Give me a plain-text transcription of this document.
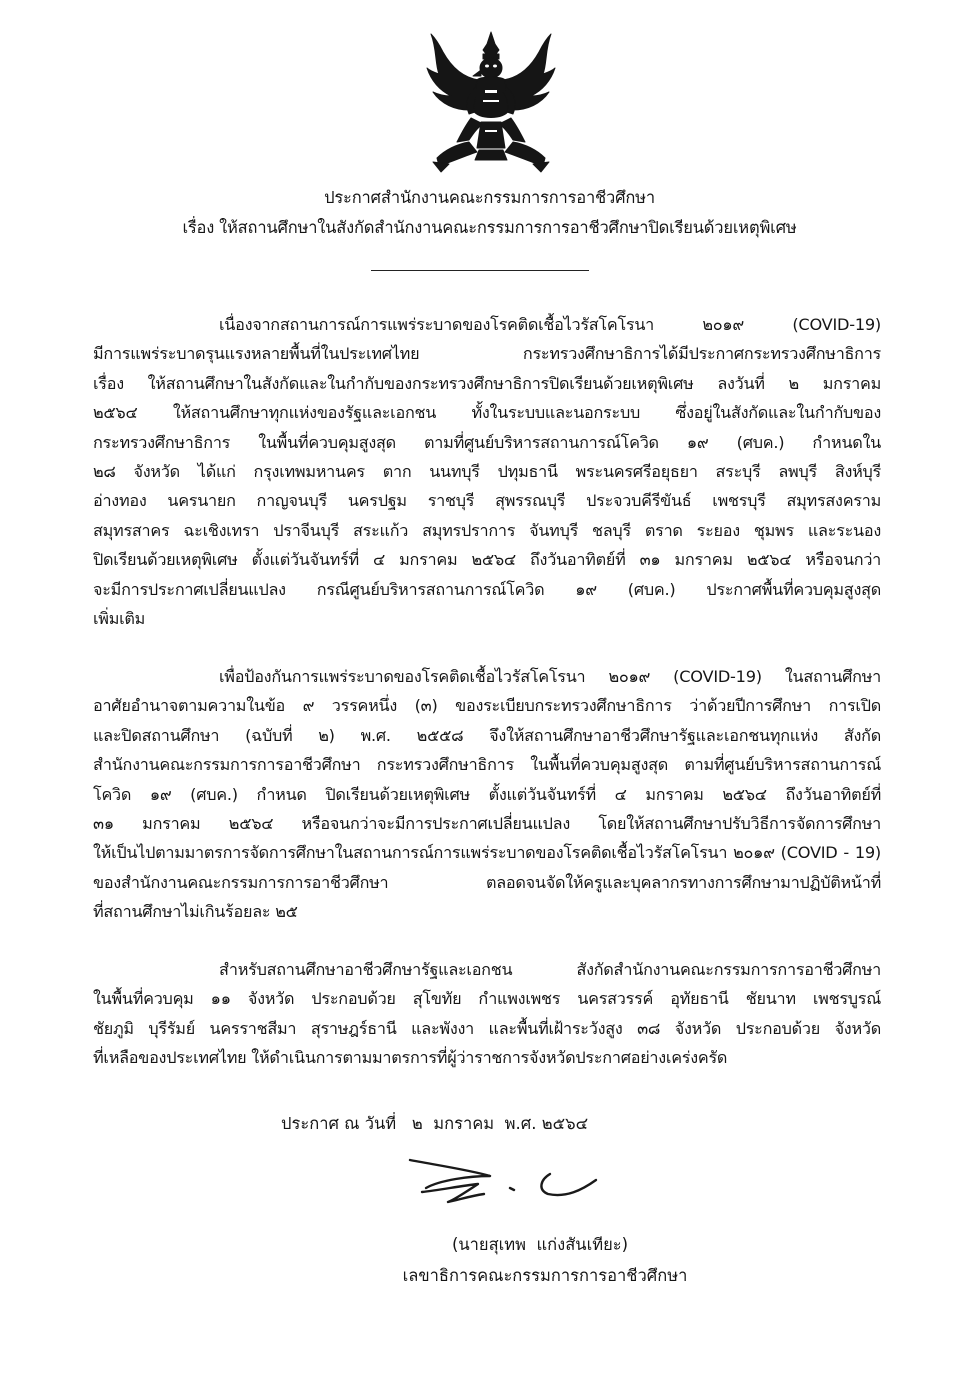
ประกาศสำนักงานคณะกรรมการการอาชีวศึกษา
เรื่อง ให้สถานศึกษาในสังกัดสำนักงานคณะกรรมการการอาชีวศึกษาปิดเรียนด้วยเหตุพิเศษ
เนื่องจากสถานการณ์การแพร่ระบาดของโรคติดเชื้อไวรัสโคโรนา ๒๐๑๙ (COVID-19)
มีการแพร่ระบาดรุนแรงหลายพื้นที่ในประเทศไทย กระทรวงศึกษาธิการได้มีประกาศกระทรวงศึกษาธิการ
เรื่อง ให้สถานศึกษาในสังกัดและในกำกับของกระทรวงศึกษาธิการปิดเรียนด้วยเหตุพิเศษ ลงวันที่ ๒ มกราคม
๒๕๖๔ ให้สถานศึกษาทุกแห่งของรัฐและเอกชน ทั้งในระบบและนอกระบบ ซึ่งอยู่ในสังกัดและในกำกับของ
กระทรวงศึกษาธิการ ในพื้นที่ควบคุมสูงสุด ตามที่ศูนย์บริหารสถานการณ์โควิด ๑๙ (ศบค.) กำหนดใน
๒๘ จังหวัด ได้แก่ กรุงเทพมหานคร ตาก นนทบุรี ปทุมธานี พระนครศรีอยุธยา สระบุรี ลพบุรี สิงห์บุรี
อ่างทอง นครนายก กาญจนบุรี นครปฐม ราชบุรี สุพรรณบุรี ประจวบคีรีขันธ์ เพชรบุรี สมุทรสงคราม
สมุทรสาคร ฉะเชิงเทรา ปราจีนบุรี สระแก้ว สมุทรปราการ จันทบุรี ชลบุรี ตราด ระยอง ชุมพร และระนอง
ปิดเรียนด้วยเหตุพิเศษ ตั้งแต่วันจันทร์ที่ ๔ มกราคม ๒๕๖๔ ถึงวันอาทิตย์ที่ ๓๑ มกราคม ๒๕๖๔ หรือจนกว่า
จะมีการประกาศเปลี่ยนแปลง กรณีศูนย์บริหารสถานการณ์โควิด ๑๙ (ศบค.) ประกาศพื้นที่ควบคุมสูงสุด
เพิ่มเติม
เพื่อป้องกันการแพร่ระบาดของโรคติดเชื้อไวรัสโคโรนา ๒๐๑๙ (COVID-19) ในสถานศึกษา
อาศัยอำนาจตามความในข้อ ๙ วรรคหนึ่ง (๓) ของระเบียบกระทรวงศึกษาธิการ ว่าด้วยปีการศึกษา การเปิด
และปิดสถานศึกษา (ฉบับที่ ๒) พ.ศ. ๒๕๕๘ จึงให้สถานศึกษาอาชีวศึกษารัฐและเอกชนทุกแห่ง สังกัด
สำนักงานคณะกรรมการการอาชีวศึกษา กระทรวงศึกษาธิการ ในพื้นที่ควบคุมสูงสุด ตามที่ศูนย์บริหารสถานการณ์
โควิด ๑๙ (ศบค.) กำหนด ปิดเรียนด้วยเหตุพิเศษ ตั้งแต่วันจันทร์ที่ ๔ มกราคม ๒๕๖๔ ถึงวันอาทิตย์ที่
๓๑ มกราคม ๒๕๖๔ หรือจนกว่าจะมีการประกาศเปลี่ยนแปลง โดยให้สถานศึกษาปรับวิธีการจัดการศึกษา
ให้เป็นไปตามมาตรการจัดการศึกษาในสถานการณ์การแพร่ระบาดของโรคติดเชื้อไวรัสโคโรนา ๒๐๑๙ (COVID - 19)
ของสำนักงานคณะกรรมการการอาชีวศึกษา ตลอดจนจัดให้ครูและบุคลากรทางการศึกษามาปฏิบัติหน้าที่
ที่สถานศึกษาไม่เกินร้อยละ ๒๕
สำหรับสถานศึกษาอาชีวศึกษารัฐและเอกชน สังกัดสำนักงานคณะกรรมการการอาชีวศึกษา
ในพื้นที่ควบคุม ๑๑ จังหวัด ประกอบด้วย สุโขทัย กำแพงเพชร นครสวรรค์ อุทัยธานี ชัยนาท เพชรบูรณ์
ชัยภูมิ บุรีรัมย์ นครราชสีมา สุราษฎร์ธานี และพังงา และพื้นที่เฝ้าระวังสูง ๓๘ จังหวัด ประกอบด้วย จังหวัด
ที่เหลือของประเทศไทย ให้ดำเนินการตามมาตรการที่ผู้ว่าราชการจังหวัดประกาศอย่างเคร่งครัด
ประกาศ ณ วันที่   ๒  มกราคม  พ.ศ. ๒๕๖๔
(นายสุเทพ  แก่งสันเทียะ)
เลขาธิการคณะกรรมการการอาชีวศึกษา
